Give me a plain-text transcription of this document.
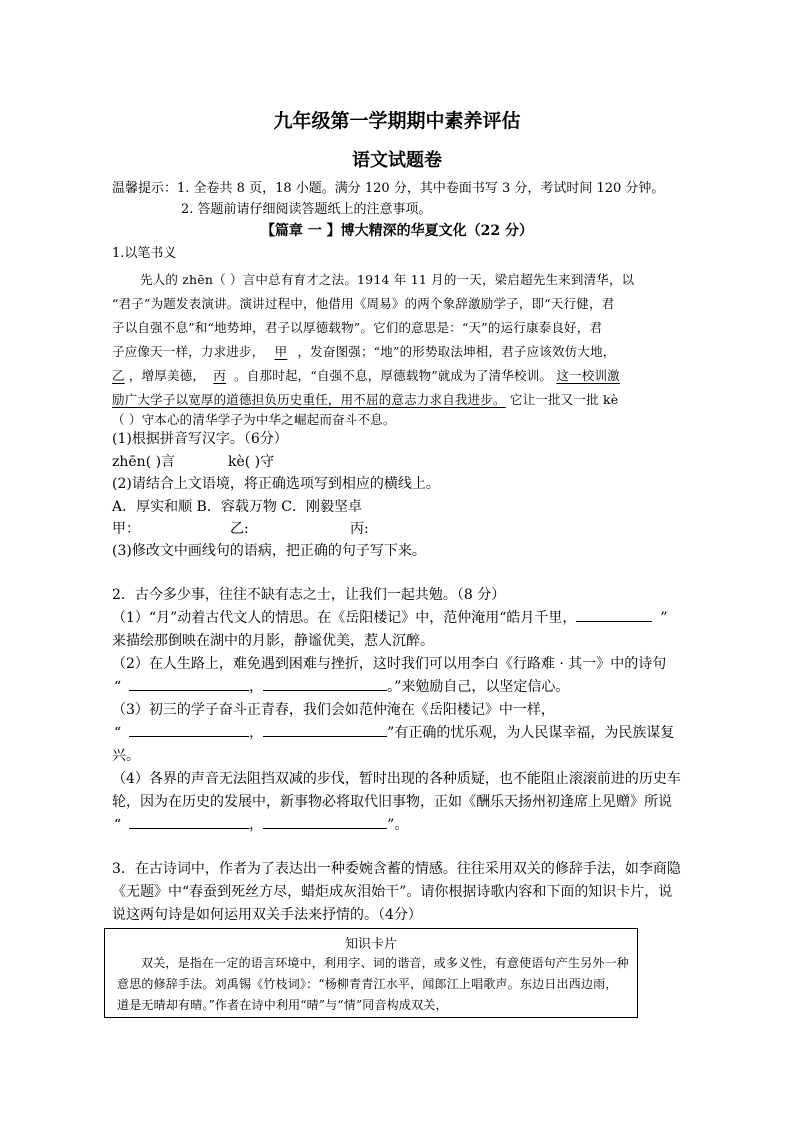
九年级第一学期期中素养评估
语文试题卷
温馨提示：1. 全卷共 8 页，18 小题。满分 120 分，其中卷面书写 3 分，考试时间 120 分钟。
2. 答题前请仔细阅读答题纸上的注意事项。
【篇章 一 】博大精深的华夏文化（22 分）
1.以笔书义
先人的 zhēn（ ）言中总有育才之法。1914 年 11 月的一天，梁启超先生来到清华，以
“君子”为题发表演讲。演讲过程中，他借用《周易》的两个象辞激励学子，即“天行健，君
子以自强不息”和“地势坤，君子以厚德载物”。它们的意思是：“天”的运行康泰良好，君
子应像天一样，力求进步， 甲 ，发奋图强；“地”的形势取法坤相，君子应该效仿大地，
乙 ，增厚美德， 丙 。自那时起，“自强不息，厚德载物”就成为了清华校训。 这一校训激
励广大学子以宽厚的道德担负历史重任，用不屈的意志力求自我进步。 它让一批又一批 kè
（ ）守本心的清华学子为中华之崛起而奋斗不息。
(1)根据拼音写汉字。（6分）
zhēn( )言	kè( )守
(2)请结合上文语境，将正确选项写到相应的横线上。
A．厚实和顺 B．容载万物 C．刚毅坚卓
甲：	乙:	丙:
(3)修改文中画线句的语病，把正确的句子写下来。
2．古今多少事，往往不缺有志之士，让我们一起共勉。（8 分）
（1）“月”动着古代文人的情思。在《岳阳楼记》中，范仲淹用“皓月千里，	”
来描绘那倒映在湖中的月影，静谧优美，惹人沉醉。
（2）在人生路上，难免遇到困难与挫折，这时我们可以用李白《行路难 · 其一》中的诗句
“	，	。”来勉励自己，以坚定信心。
（3）初三的学子奋斗正青春，我们会如范仲淹在《岳阳楼记》中一样，
“	，	”有正确的忧乐观，为人民谋幸福，为民族谋复
兴。
（4）各界的声音无法阻挡双减的步伐，暂时出现的各种质疑，也不能阻止滚滚前进的历史车
轮，因为在历史的发展中，新事物必将取代旧事物，正如《酬乐天扬州初逢席上见赠》所说
“	，	”。
3．在古诗词中，作者为了表达出一种委婉含蓄的情感。往往采用双关的修辞手法，如李商隐
《无题》中“春蚕到死丝方尽，蜡炬成灰泪始干”。请你根据诗歌内容和下面的知识卡片，说
说这两句诗是如何运用双关手法来抒情的。（4分）
知识卡片
双关，是指在一定的语言环境中，利用字、词的谐音，或多义性，有意使语句产生另外一种意思的修辞手法。刘禹锡《竹枝词》：“杨柳青青江水平，闻郎江上唱歌声。东边日出西边雨，道是无晴却有晴。”作者在诗中利用“晴”与“情”同音构成双关，
